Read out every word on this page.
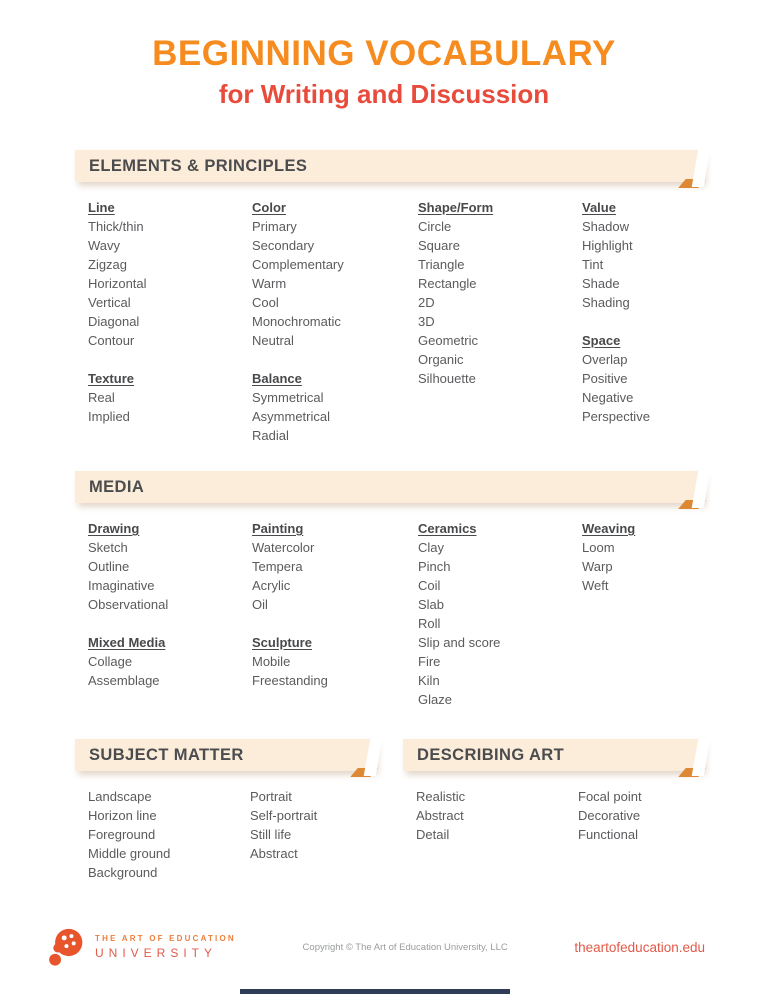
BEGINNING VOCABULARY
for Writing and Discussion
ELEMENTS & PRINCIPLES
Line
Thick/thin
Wavy
Zigzag
Horizontal
Vertical
Diagonal
Contour
Texture
Real
Implied
Color
Primary
Secondary
Complementary
Warm
Cool
Monochromatic
Neutral
Balance
Symmetrical
Asymmetrical
Radial
Shape/Form
Circle
Square
Triangle
Rectangle
2D
3D
Geometric
Organic
Silhouette
Value
Shadow
Highlight
Tint
Shade
Shading
Space
Overlap
Positive
Negative
Perspective
MEDIA
Drawing
Sketch
Outline
Imaginative
Observational
Mixed Media
Collage
Assemblage
Painting
Watercolor
Tempera
Acrylic
Oil
Sculpture
Mobile
Freestanding
Ceramics
Clay
Pinch
Coil
Slab
Roll
Slip and score
Fire
Kiln
Glaze
Weaving
Loom
Warp
Weft
SUBJECT MATTER
Landscape
Horizon line
Foreground
Middle ground
Background
Portrait
Self-portrait
Still life
Abstract
DESCRIBING ART
Realistic
Abstract
Detail
Focal point
Decorative
Functional
THE ART OF EDUCATION
UNIVERSITY	Copyright © The Art of Education University, LLC	theartofeducation.edu
